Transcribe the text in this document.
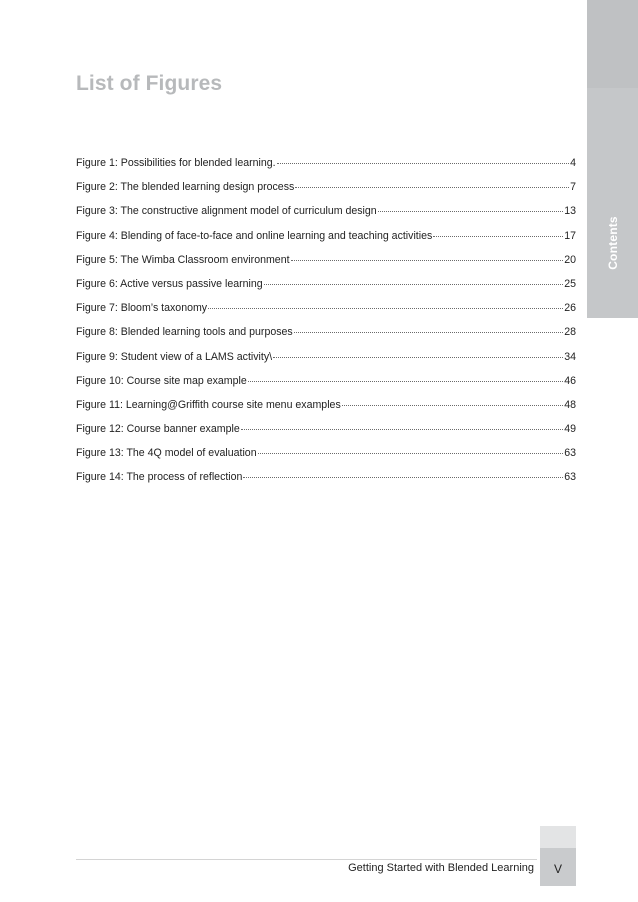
Contents
List of Figures
Figure 1: Possibilities for blended learning.	4
Figure 2: The blended learning design process	7
Figure 3: The constructive alignment model of curriculum design	13
Figure 4: Blending of face-to-face and online learning and teaching activities	17
Figure 5: The Wimba Classroom environment	20
Figure 6: Active versus passive learning	25
Figure 7: Bloom’s taxonomy	26
Figure 8: Blended learning tools and purposes	28
Figure 9: Student view of a LAMS activity\	34
Figure 10: Course site map example	46
Figure 11: Learning@Griffith course site menu examples	48
Figure 12: Course banner example	49
Figure 13: The 4Q model of evaluation	63
Figure 14: The process of reflection	63
Getting Started with Blended Learning	V
